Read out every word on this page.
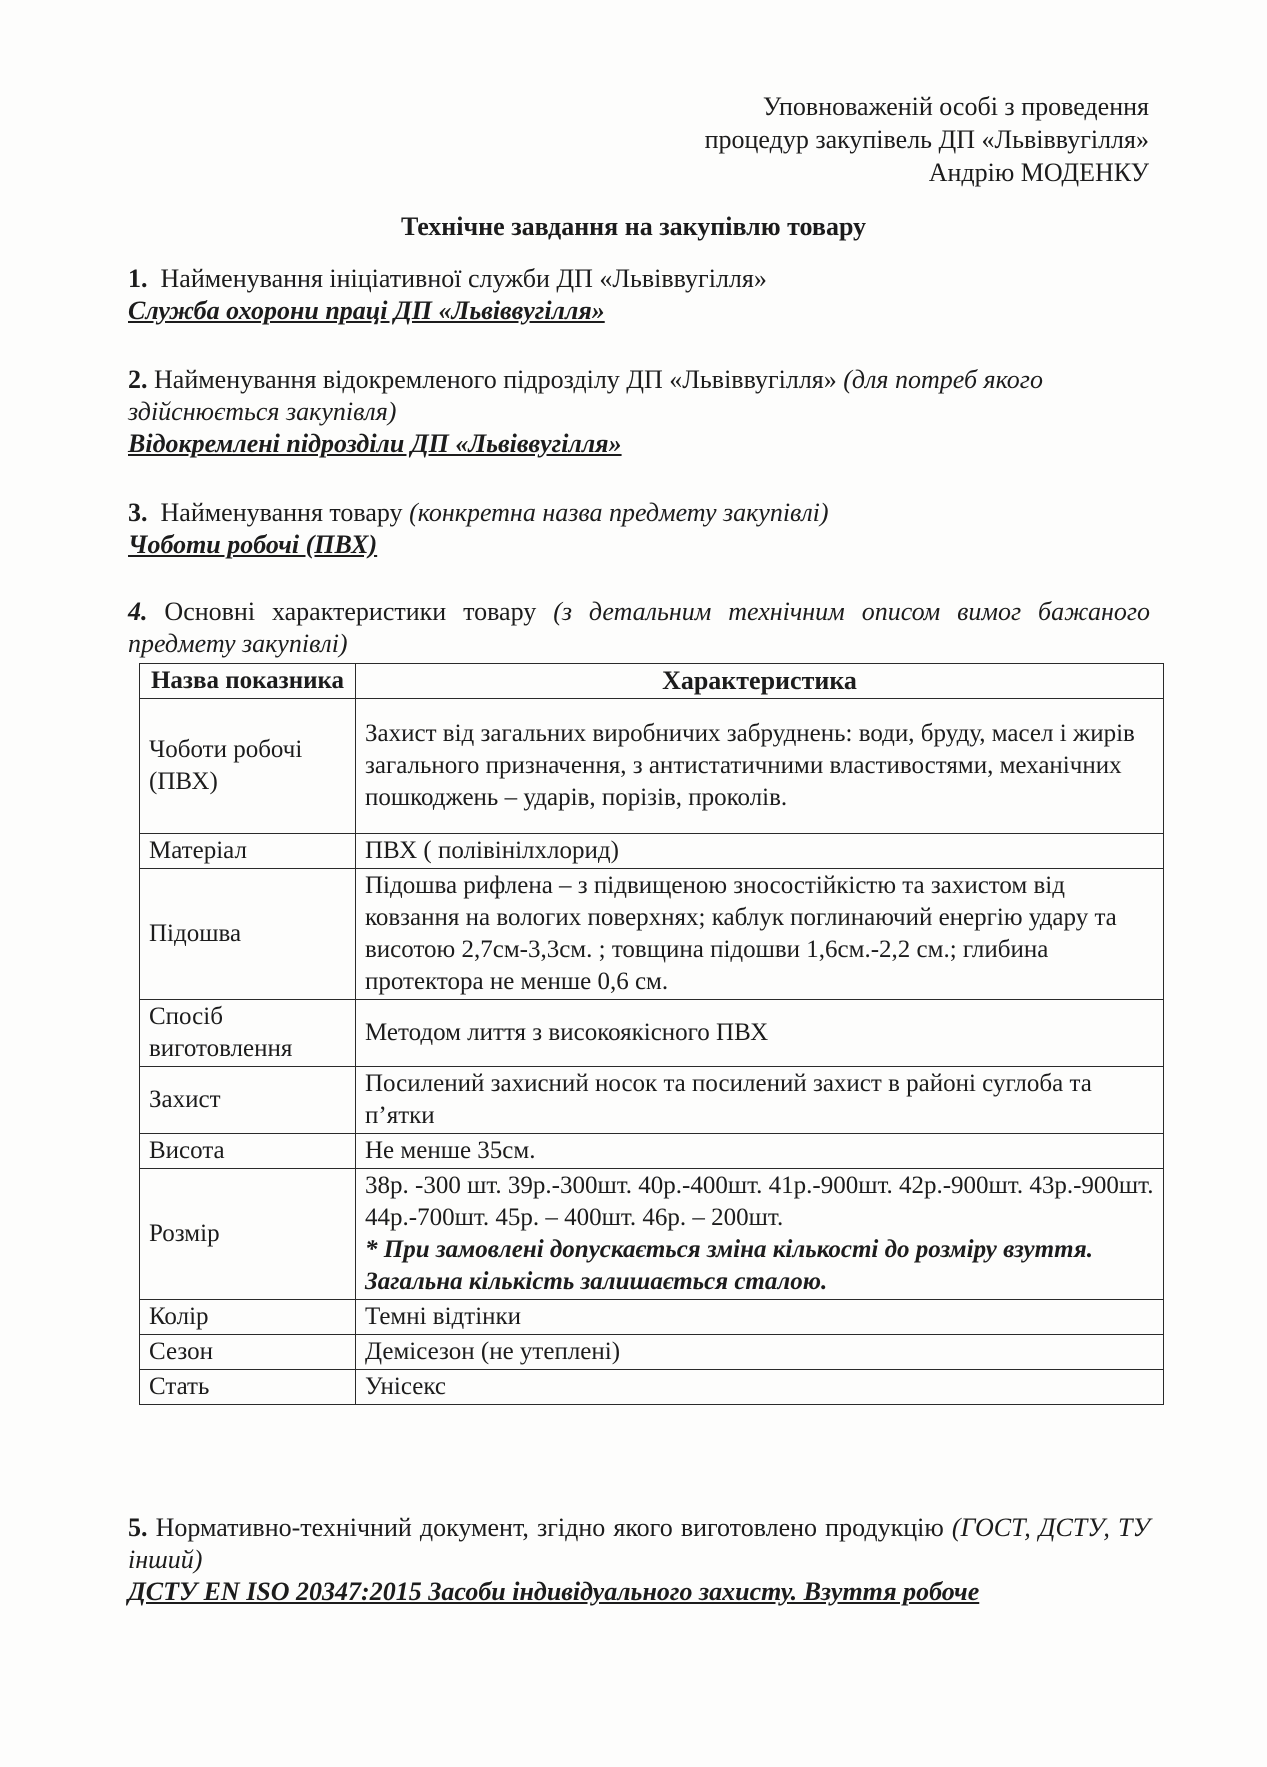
Уповноваженій особі з проведення
процедур закупівель ДП «Львіввугілля»
Андрію МОДЕНКУ
Технічне завдання на закупівлю товару
1. Найменування ініціативної служби ДП «Львіввугілля»
Служба охорони праці ДП «Львіввугілля»
2. Найменування відокремленого підрозділу ДП «Львіввугілля» (для потреб якого здійснюється закупівля)
Відокремлені підрозділи ДП «Львіввугілля»
3. Найменування товару (конкретна назва предмету закупівлі)
Чоботи робочі (ПВХ)
4. Основні характеристики товару (з детальним технічним описом вимог бажаного предмету закупівлі)
Назва показника	Характеристика
Чоботи робочі (ПВХ)	Захист від загальних виробничих забруднень: води, бруду, масел і жирів загального призначення, з антистатичними властивостями, механічних пошкоджень – ударів, порізів, проколів.
Матеріал	ПВХ ( полівінілхлорид)
Підошва	Підошва рифлена – з підвищеною зносостійкістю та захистом від ковзання на вологих поверхнях; каблук поглинаючий енергію удару та висотою 2,7см-3,3см. ; товщина підошви 1,6см.-2,2 см.; глибина протектора не менше 0,6 см.
Спосіб виготовлення	Методом лиття з високоякісного ПВХ
Захист	Посилений захисний носок та посилений захист в районі суглоба та п’ятки
Висота	Не менше 35см.
Розмір	38р. -300 шт. 39р.-300шт. 40р.-400шт. 41р.-900шт. 42р.-900шт. 43р.-900шт. 44р.-700шт. 45р. – 400шт. 46р. – 200шт.
* При замовлені допускається зміна кількості до розміру взуття. Загальна кількість залишається сталою.

Колір	Темні відтінки
Сезон	Демісезон (не утеплені)
Стать	Унісекс
5. Нормативно-технічний документ, згідно якого виготовлено продукцію (ГОСТ, ДСТУ, ТУ інший)
ДСТУ EN ISO 20347:2015 Засоби індивідуального захисту. Взуття робоче
